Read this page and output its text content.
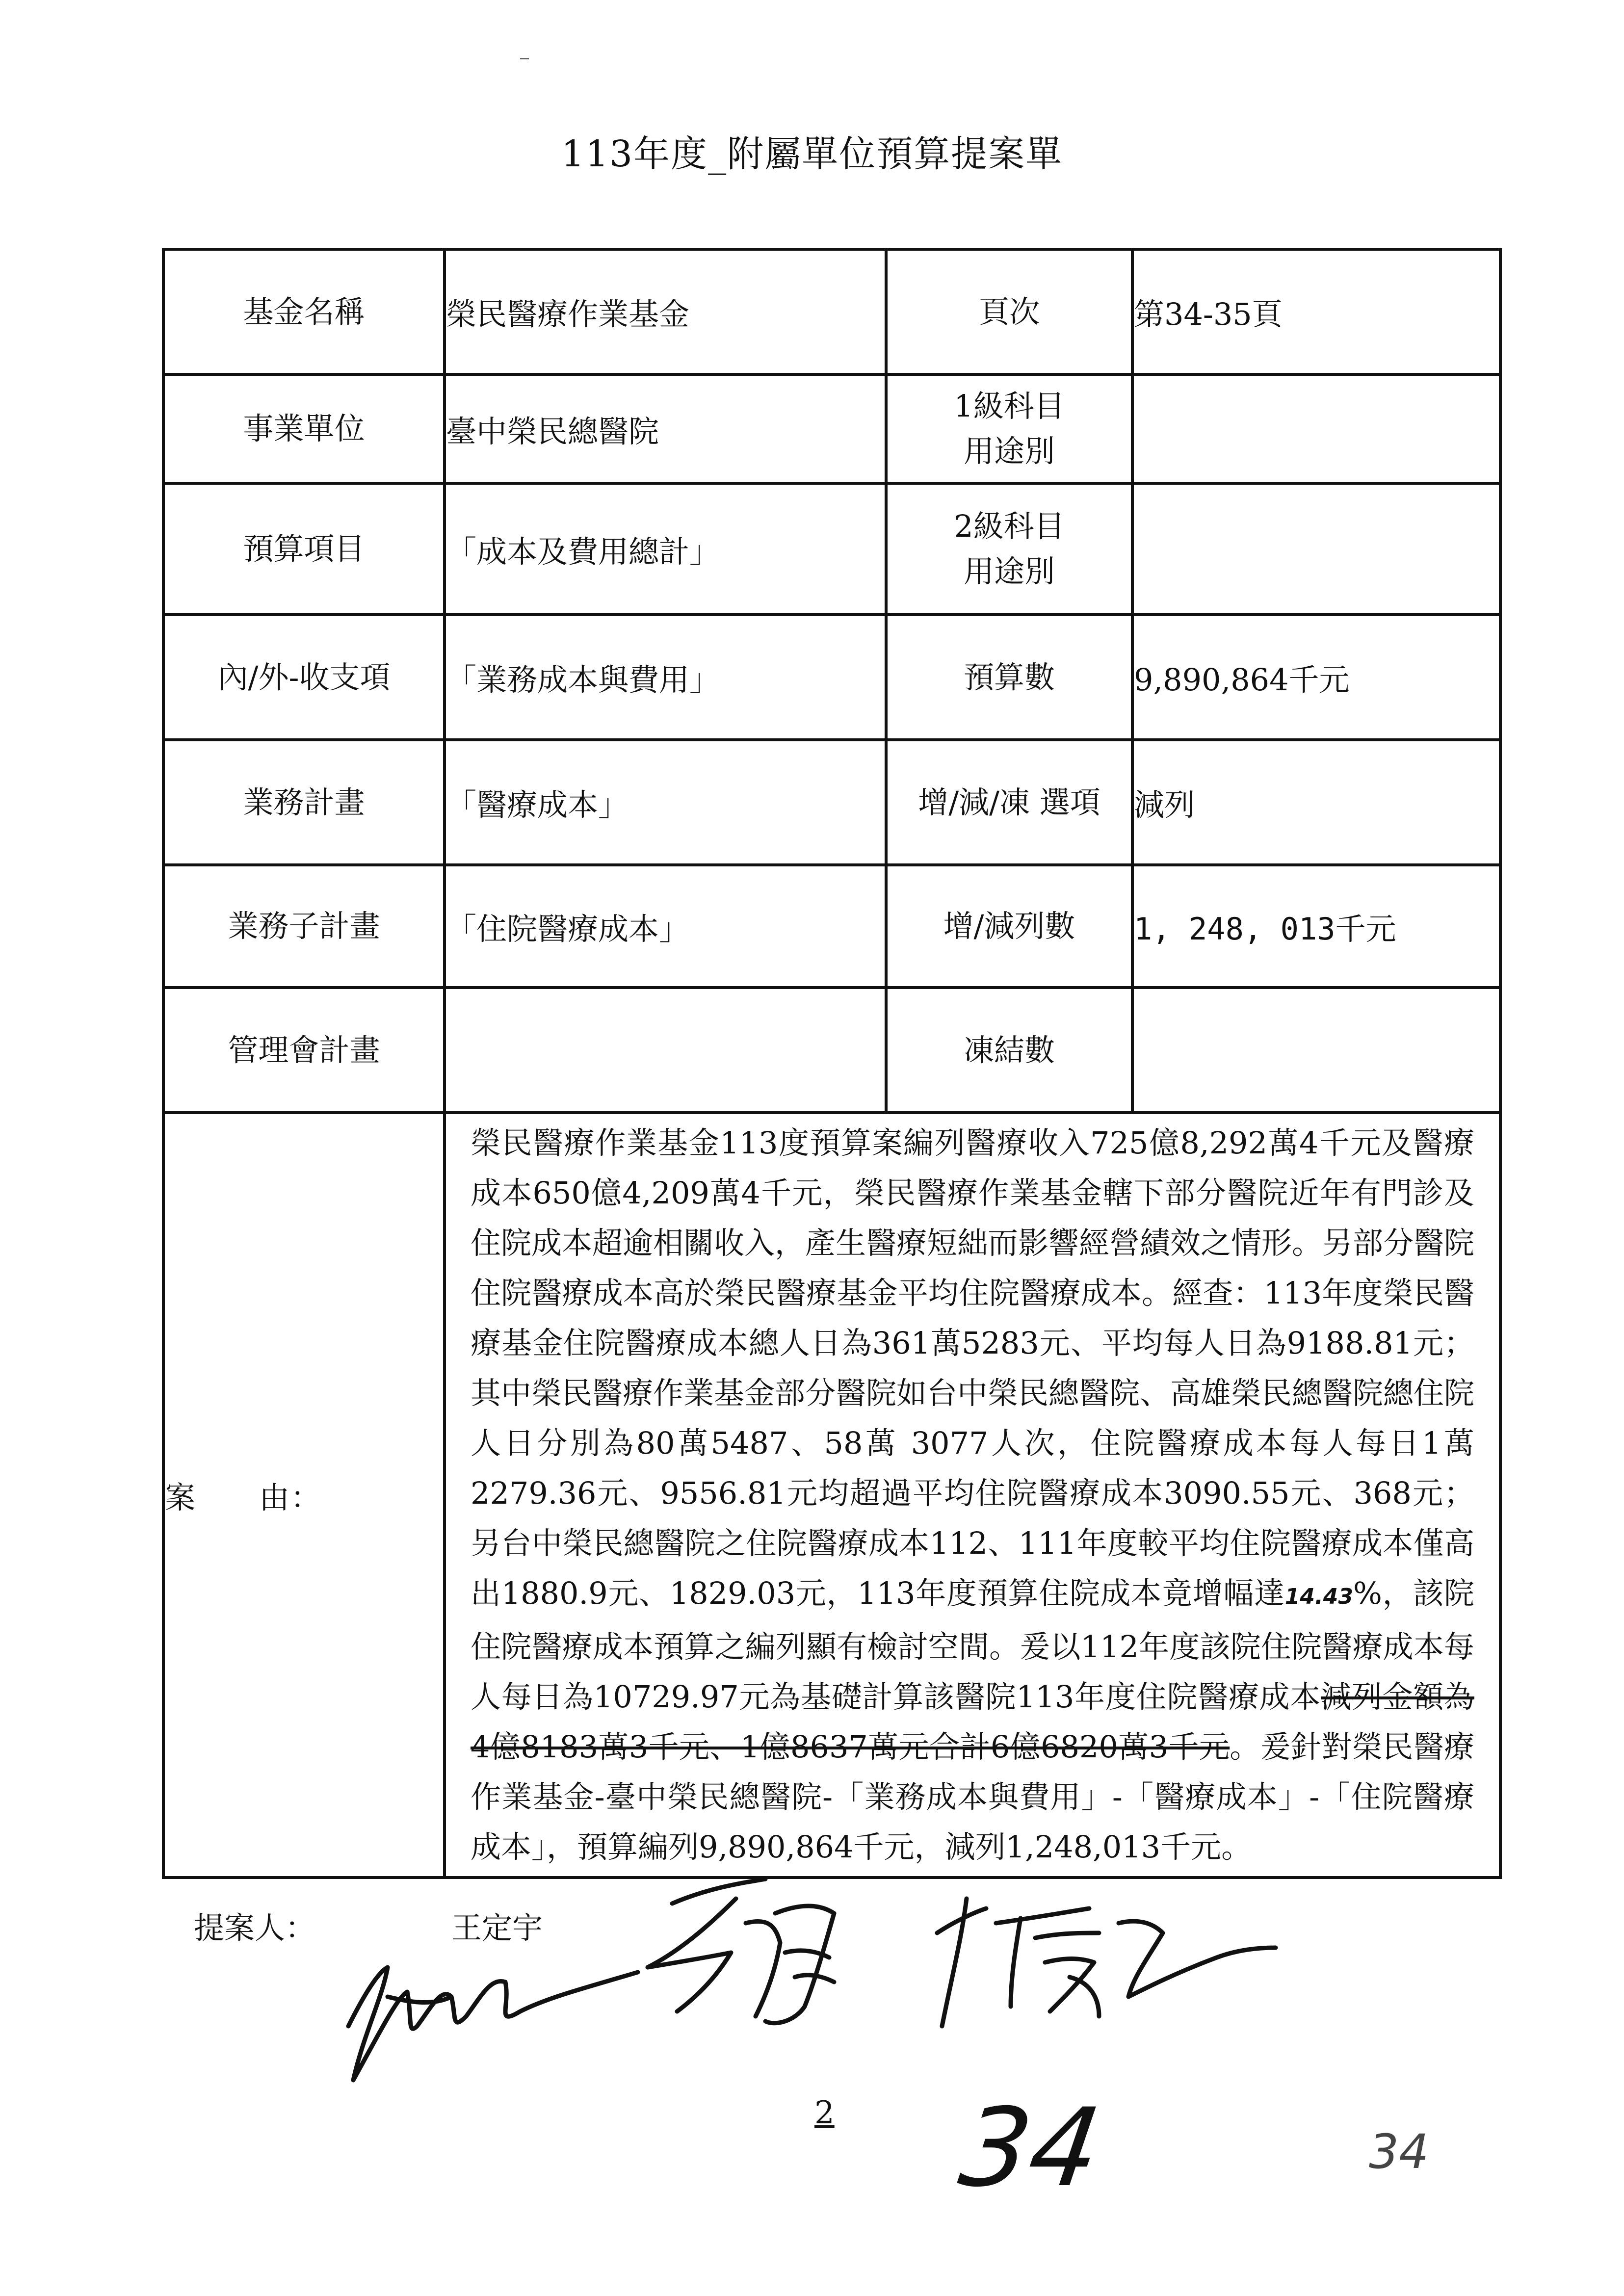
113年度_附屬單位預算提案單
基金名稱	榮民醫療作業基金	頁次	第34-35頁
事業單位	臺中榮民總醫院	1級科目
用途別	

預算項目	「成本及費用總計」	2級科目
用途別	

內/外-收支項	「業務成本與費用」	預算數	9,890,864千元
業務計畫	「醫療成本」	增/減/凍 選項	減列
業務子計畫	「住院醫療成本」	增/減列數	1, 248, 013千元
管理會計畫		凍結數	
案　　由：	榮民醫療作業基金113度預算案編列醫療收入725億8,292萬4千元及醫療成本650億4,209萬4千元，榮民醫療作業基金轄下部分醫院近年有門診及住院成本超逾相關收入，產生醫療短絀而影響經營績效之情形。另部分醫院住院醫療成本高於榮民醫療基金平均住院醫療成本。經查：113年度榮民醫療基金住院醫療成本總人日為361萬5283元、平均每人日為9188.81元；其中榮民醫療作業基金部分醫院如台中榮民總醫院、高雄榮民總醫院總住院人日分別為80萬5487、58萬 3077人次，住院醫療成本每人每日1萬2279.36元、9556.81元均超過平均住院醫療成本3090.55元、368元；另台中榮民總醫院之住院醫療成本112、111年度較平均住院醫療成本僅高出1880.9元、1829.03元，113年度預算住院成本竟增幅達14.43%，該院住院醫療成本預算之編列顯有檢討空間。爰以112年度該院住院醫療成本每人每日為10729.97元為基礎計算該醫院113年度住院醫療成本減列金額為4億8183萬3千元、1億8637萬元合計6億6820萬3千元。爰針對榮民醫療作業基金-臺中榮民總醫院-「業務成本與費用」-「醫療成本」-「住院醫療成本」，預算編列9,890,864千元，減列1,248,013千元。		
提案人：	王定宇
2 34	34
